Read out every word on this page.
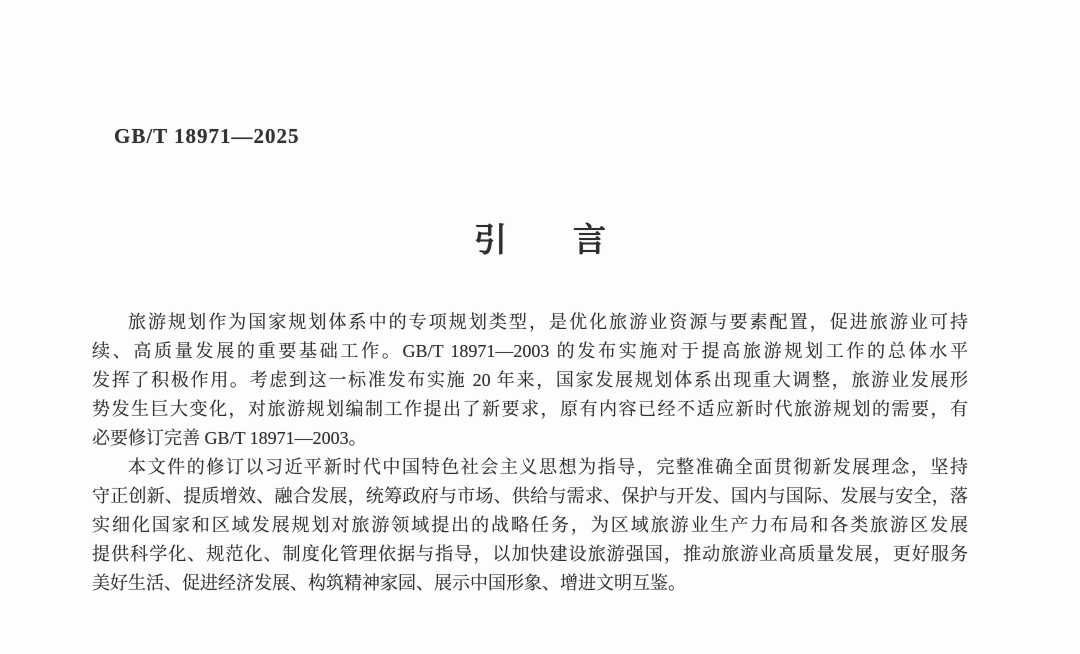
GB/T 18971—2025
引　　言
旅游规划作为国家规划体系中的专项规划类型，是优化旅游业资源与要素配置，促进旅游业可持
续、高质量发展的重要基础工作。GB/T 18971—2003 的发布实施对于提高旅游规划工作的总体水平
发挥了积极作用。考虑到这一标准发布实施 20 年来，国家发展规划体系出现重大调整，旅游业发展形
势发生巨大变化，对旅游规划编制工作提出了新要求，原有内容已经不适应新时代旅游规划的需要，有
必要修订完善 GB/T 18971—2003。
本文件的修订以习近平新时代中国特色社会主义思想为指导，完整准确全面贯彻新发展理念，坚持
守正创新、提质增效、融合发展，统筹政府与市场、供给与需求、保护与开发、国内与国际、发展与安全，落
实细化国家和区域发展规划对旅游领域提出的战略任务，为区域旅游业生产力布局和各类旅游区发展
提供科学化、规范化、制度化管理依据与指导，以加快建设旅游强国，推动旅游业高质量发展，更好服务
美好生活、促进经济发展、构筑精神家园、展示中国形象、增进文明互鉴。
